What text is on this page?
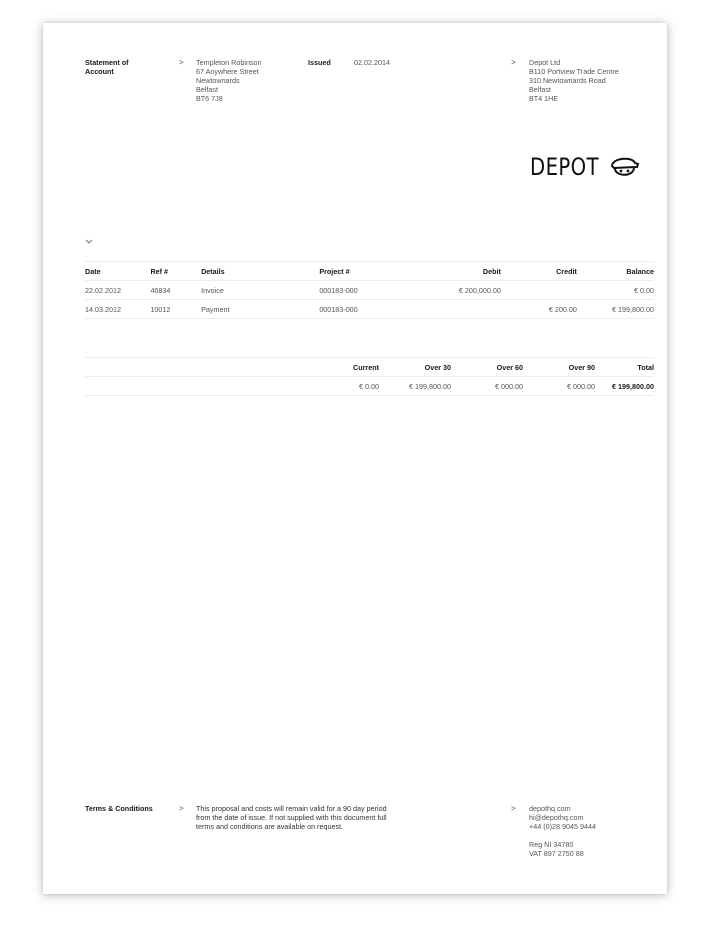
Statement of
Account
> Templeton Robinson
67 Anywhere Street
Newtownards
Belfast
BT6 7J8
Issued	02.02.2014	> Depot Ltd
B110 Portview Trade Centre
310 Newtownards Road
Belfast
BT4 1HE
DEPOT
Date	Ref #	Details	Project #	Debit	Credit	Balance
22.02.2012	46834	Invoice	000183-000	€ 200,000.00		€ 0.00
14.03.2012	10012	Payment	000183-000		€ 200.00	€ 199,800.00
	Current	Over 30	Over 60	Over 90	Total
	€ 0.00	€ 199,800.00	€ 000.00	€ 000.00	€ 199,800.00
Terms & Conditions	> This proposal and costs will remain valid for a 90 day period
from the date of issue. If not supplied with this document full
terms and conditions are available on request.
> depothq.com
hi@depothq.com
+44 (0)28 9045 9444
Reg NI 34780
VAT 897 2750 88
